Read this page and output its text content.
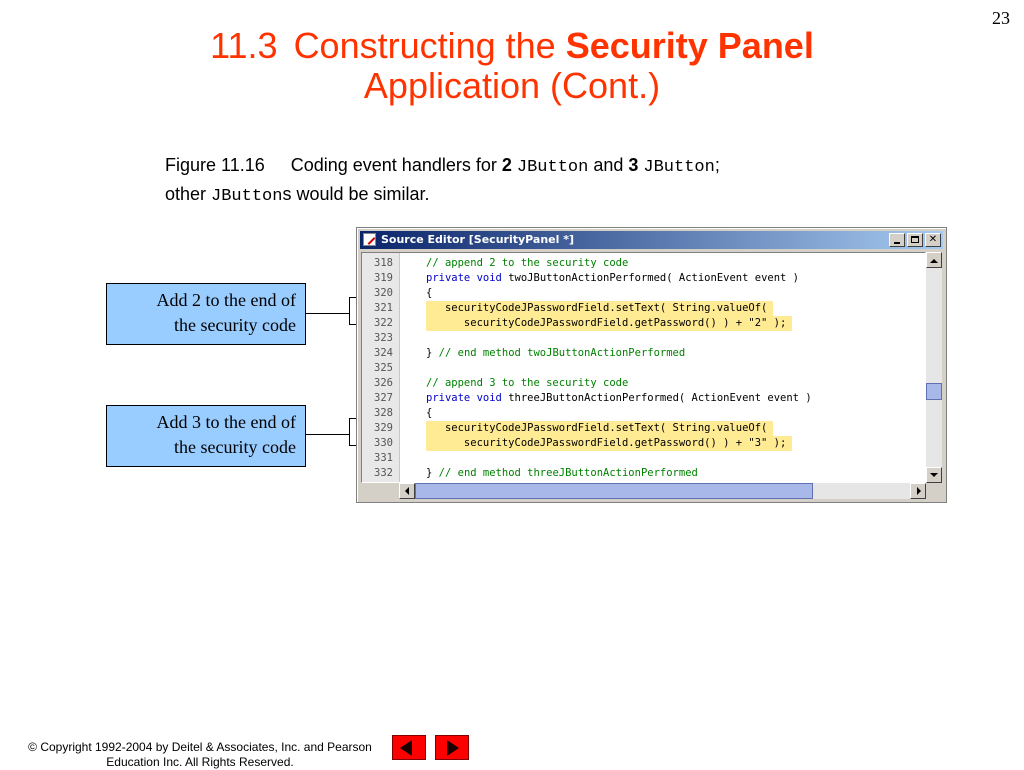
23
11.3 Constructing the Security Panel
Application (Cont.)
Figure 11.16 Coding event handlers for 2 JButton and 3 JButton;
other JButtons would be similar.
Add 2 to the end of
the security code
Add 3 to the end of
the security code
Source Editor [SecurityPanel *]	✕
318	// append 2 to the security code
319	private void twoJButtonActionPerformed( ActionEvent event )
320	{
321	securityCodeJPasswordField.setText( String.valueOf(
322	securityCodeJPasswordField.getPassword() ) + "2" );
323
324	} // end method twoJButtonActionPerformed
325
326	// append 3 to the security code
327	private void threeJButtonActionPerformed( ActionEvent event )
328	{
329	securityCodeJPasswordField.setText( String.valueOf(
330	securityCodeJPasswordField.getPassword() ) + "3" );
331
332	} // end method threeJButtonActionPerformed
© Copyright 1992-2004 by Deitel & Associates, Inc. and Pearson
Education Inc. All Rights Reserved.
